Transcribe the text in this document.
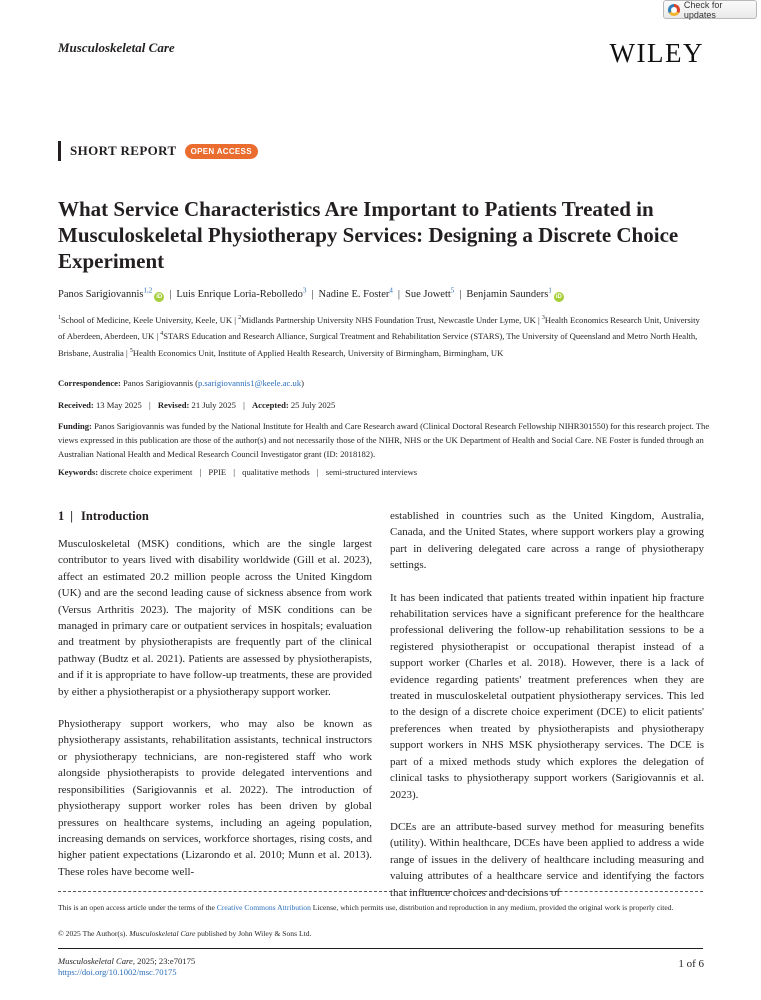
Check for updates
Musculoskeletal Care	WILEY
SHORT REPORT	OPEN ACCESS
What Service Characteristics Are Important to Patients Treated in Musculoskeletal Physiotherapy Services: Designing a Discrete Choice Experiment
Panos Sarigiovannis$^{1,2}$iD | Luis Enrique Loria-Rebolledo$^3$ | Nadine E. Foster$^4$ | Sue Jowett$^5$ | Benjamin Saunders$^1$iD

$^1$School of Medicine, Keele University, Keele, UK | $^2$Midlands Partnership University NHS Foundation Trust, Newcastle Under Lyme, UK | $^3$Health Economics Research Unit, University of Aberdeen, Aberdeen, UK | $^4$STARS Education and Research Alliance, Surgical Treatment and Rehabilitation Service (STARS), The University of Queensland and Metro North Health, Brisbane, Australia | $^5$Health Economics Unit, Institute of Applied Health Research, University of Birmingham, Birmingham, UK

Correspondence: Panos Sarigiovannis (p.sarigiovannis1@keele.ac.uk)
Received: 13 May 2025 | Revised: 21 July 2025 | Accepted: 25 July 2025
Funding: Panos Sarigiovannis was funded by the National Institute for Health and Care Research award (Clinical Doctoral Research Fellowship NIHR301550) for this research project. The views expressed in this publication are those of the author(s) and not necessarily those of the NIHR, NHS or the UK Department of Health and Social Care. NE Foster is funded through an Australian National Health and Medical Research Council Investigator grant (ID: 2018182).
Keywords: discrete choice experiment | PPIE | qualitative methods | semi-structured interviews
1 | Introduction

Musculoskeletal (MSK) conditions, which are the single largest contributor to years lived with disability worldwide (Gill et al. 2023), affect an estimated 20.2 million people across the United Kingdom (UK) and are the second leading cause of sickness absence from work (Versus Arthritis 2023). The majority of MSK conditions can be managed in primary care or outpatient services in hospitals; evaluation and treatment by physiotherapists are frequently part of the clinical pathway (Budtz et al. 2021). Patients are assessed by physiotherapists, and if it is appropriate to have follow-up treatments, these are provided by either a physiotherapist or a physiotherapy support worker.

Physiotherapy support workers, who may also be known as physiotherapy assistants, rehabilitation assistants, technical instructors or physiotherapy technicians, are non-registered staff who work alongside physiotherapists to provide delegated interventions and responsibilities (Sarigiovannis et al. 2022). The introduction of physiotherapy support worker roles has been driven by global pressures on healthcare systems, including an ageing population, increasing demands on services, workforce shortages, rising costs, and higher patient expectations (Lizarondo et al. 2010; Munn et al. 2013). These roles have become well-

established in countries such as the United Kingdom, Australia, Canada, and the United States, where support workers play a growing part in delivering delegated care across a range of physiotherapy settings.

It has been indicated that patients treated within inpatient hip fracture rehabilitation services have a significant preference for the healthcare professional delivering the follow-up rehabilitation sessions to be a registered physiotherapist or occupational therapist instead of a support worker (Charles et al. 2018). However, there is a lack of evidence regarding patients' treatment preferences when they are treated in musculoskeletal outpatient physiotherapy services. This led to the design of a discrete choice experiment (DCE) to elicit patients' preferences when treated by physiotherapists and physiotherapy support workers in NHS MSK physiotherapy services. The DCE is part of a mixed methods study which explores the delegation of clinical tasks to physiotherapy support workers (Sarigiovannis et al. 2023).

DCEs are an attribute-based survey method for measuring benefits (utility). Within healthcare, DCEs have been applied to address a wide range of issues in the delivery of healthcare including measuring and valuing attributes of a healthcare service and identifying the factors that influence choices and decisions of

This is an open access article under the terms of the Creative Commons Attribution License, which permits use, distribution and reproduction in any medium, provided the original work is properly cited.
© 2025 The Author(s). Musculoskeletal Care published by John Wiley & Sons Ltd.
Musculoskeletal Care, 2025; 23:e70175
https://doi.org/10.1002/msc.70175
1 of 6
